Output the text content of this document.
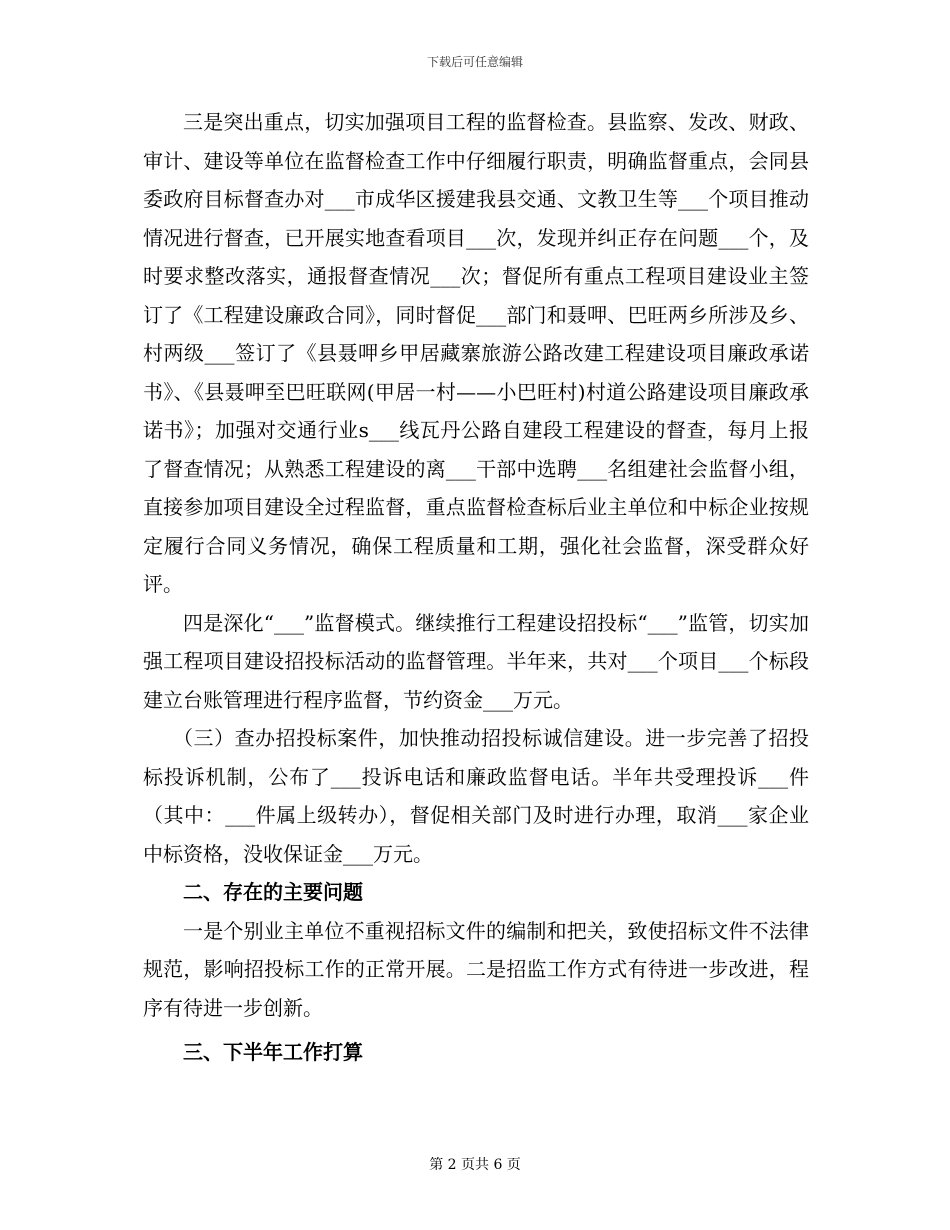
下载后可任意编辑

三是突出重点，切实加强项目工程的监督检查。县监察、发改、财政、审计、建设等单位在监督检查工作中仔细履行职责，明确监督重点，会同县委政府目标督查办对___市成华区援建我县交通、文教卫生等___个项目推动情况进行督查，已开展实地查看项目___次，发现并纠正存在问题___个，及时要求整改落实，通报督查情况___次；督促所有重点工程项目建设业主签订了《工程建设廉政合同》，同时督促___部门和聂呷、巴旺两乡所涉及乡、村两级___签订了《县聂呷乡甲居藏寨旅游公路改建工程建设项目廉政承诺书》、《县聂呷至巴旺联网(甲居一村——小巴旺村)村道公路建设项目廉政承诺书》；加强对交通行业s___线瓦丹公路自建段工程建设的督查，每月上报了督查情况；从熟悉工程建设的离___干部中选聘___名组建社会监督小组，直接参加项目建设全过程监督，重点监督检查标后业主单位和中标企业按规定履行合同义务情况，确保工程质量和工期，强化社会监督，深受群众好评。

四是深化“___”监督模式。继续推行工程建设招投标“___”监管，切实加强工程项目建设招投标活动的监督管理。半年来，共对___个项目___个标段建立台账管理进行程序监督，节约资金___万元。

（三）查办招投标案件，加快推动招投标诚信建设。进一步完善了招投标投诉机制，公布了___投诉电话和廉政监督电话。半年共受理投诉___件（其中：___件属上级转办），督促相关部门及时进行办理，取消___家企业中标资格，没收保证金___万元。

二、存在的主要问题

一是个别业主单位不重视招标文件的编制和把关，致使招标文件不法律规范，影响招投标工作的正常开展。二是招监工作方式有待进一步改进，程序有待进一步创新。

三、下半年工作打算

第 2 页共 6 页
